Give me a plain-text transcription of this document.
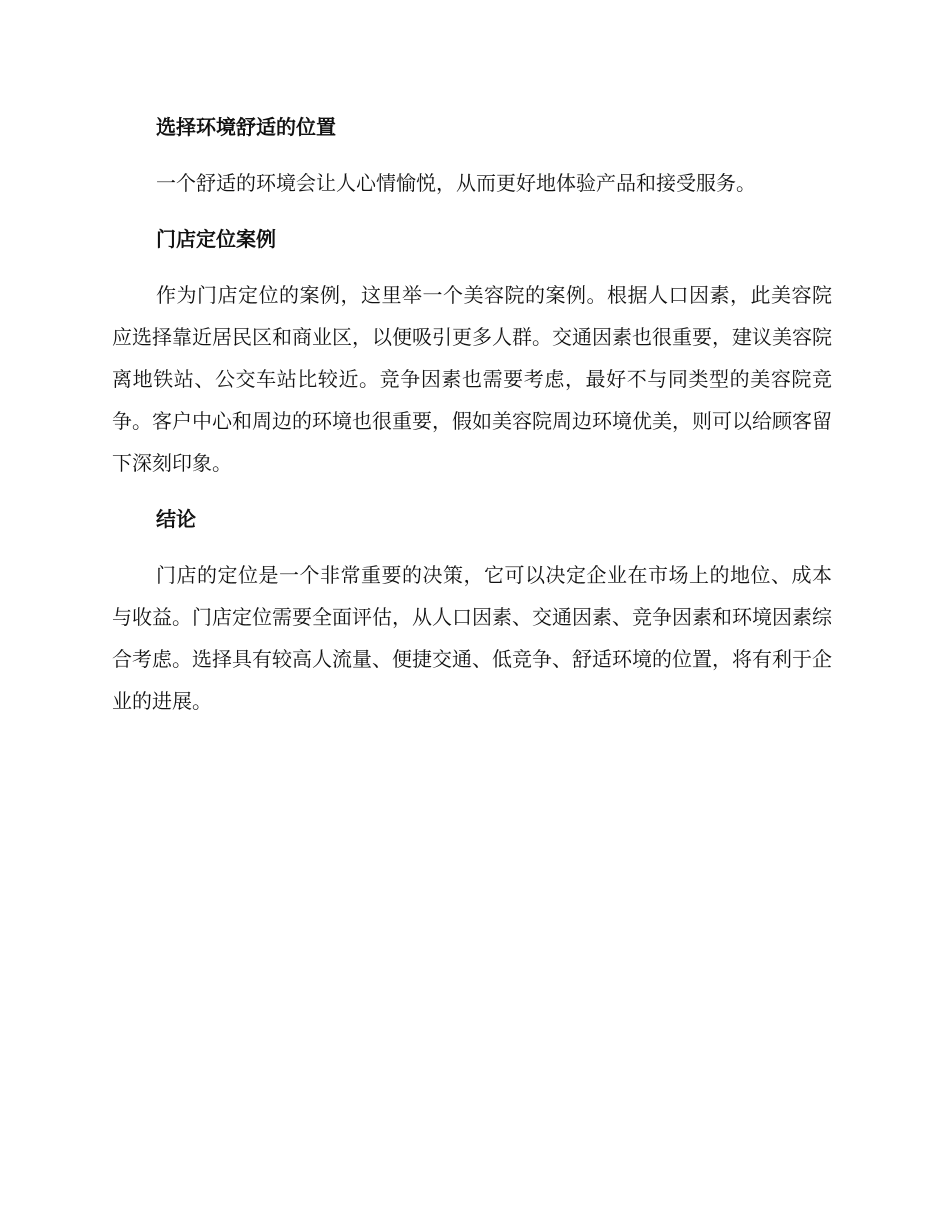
选择环境舒适的位置

一个舒适的环境会让人心情愉悦，从而更好地体验产品和接受服务。

门店定位案例

作为门店定位的案例，这里举一个美容院的案例。根据人口因素，此美容院应选择靠近居民区和商业区，以便吸引更多人群。交通因素也很重要，建议美容院离地铁站、公交车站比较近。竞争因素也需要考虑，最好不与同类型的美容院竞争。客户中心和周边的环境也很重要，假如美容院周边环境优美，则可以给顾客留下深刻印象。

结论

门店的定位是一个非常重要的决策，它可以决定企业在市场上的地位、成本与收益。门店定位需要全面评估，从人口因素、交通因素、竞争因素和环境因素综合考虑。选择具有较高人流量、便捷交通、低竞争、舒适环境的位置，将有利于企业的进展。
